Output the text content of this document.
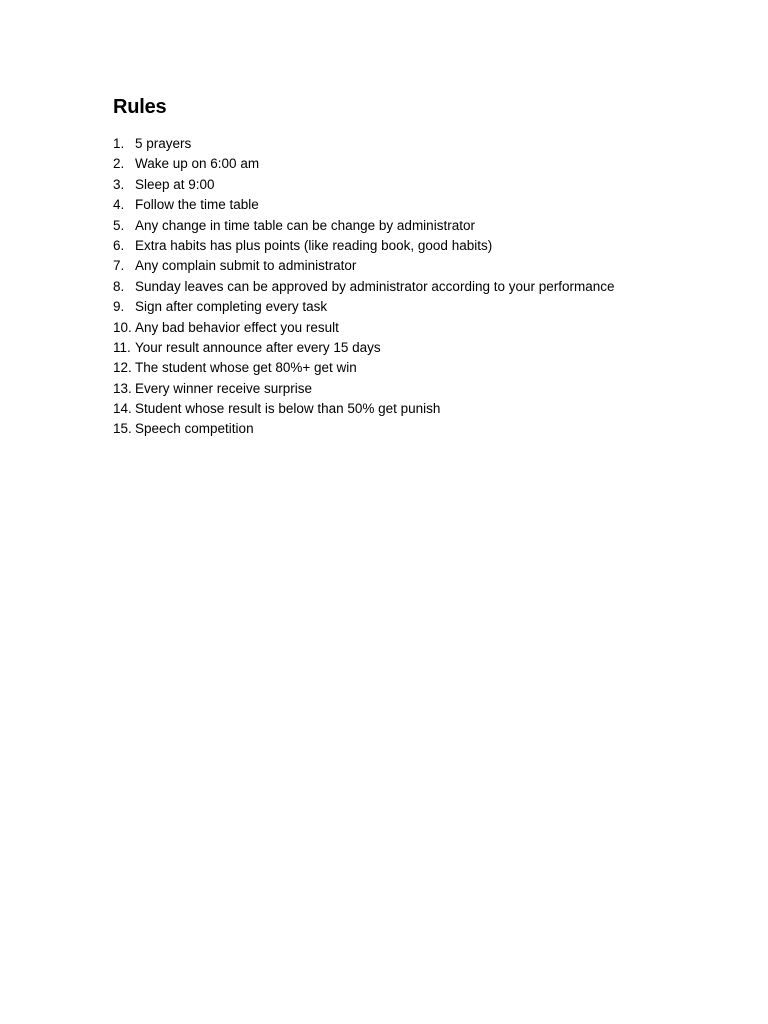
Rules
1. 5 prayers
2. Wake up on 6:00 am
3. Sleep at 9:00
4. Follow the time table
5. Any change in time table can be change by administrator
6. Extra habits has plus points (like reading book, good habits)
7. Any complain submit to administrator
8. Sunday leaves can be approved by administrator according to your performance
9. Sign after completing every task
10. Any bad behavior effect you result
11. Your result announce after every 15 days
12. The student whose get 80%+ get win
13. Every winner receive surprise
14. Student whose result is below than 50% get punish
15. Speech competition
